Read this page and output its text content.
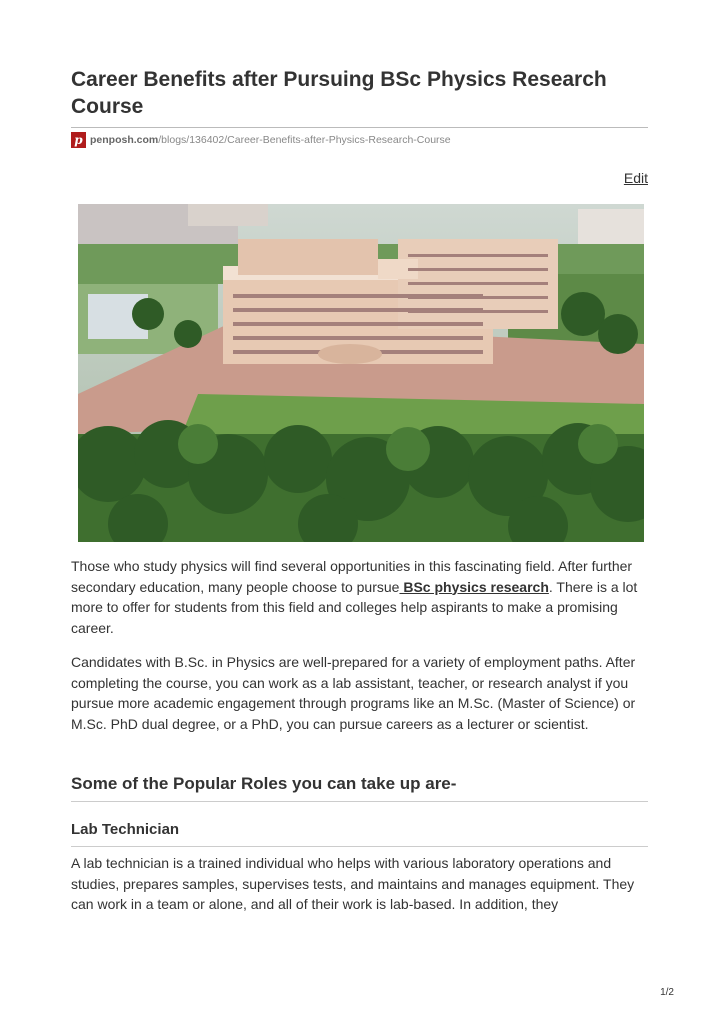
Career Benefits after Pursuing BSc Physics Research Course
p penposh.com /blogs/136402/Career-Benefits-after-Physics-Research-Course
Edit

Those who study physics will find several opportunities in this fascinating field. After further secondary education, many people choose to pursue BSc physics research. There is a lot more to offer for students from this field and colleges help aspirants to make a promising career.

Candidates with B.Sc. in Physics are well-prepared for a variety of employment paths. After completing the course, you can work as a lab assistant, teacher, or research analyst if you pursue more academic engagement through programs like an M.Sc. (Master of Science) or M.Sc. PhD dual degree, or a PhD, you can pursue careers as a lecturer or scientist.

Some of the Popular Roles you can take up are-
Lab Technician

A lab technician is a trained individual who helps with various laboratory operations and studies, prepares samples, supervises tests, and maintains and manages equipment. They can work in a team or alone, and all of their work is lab-based. In addition, they

1/2
